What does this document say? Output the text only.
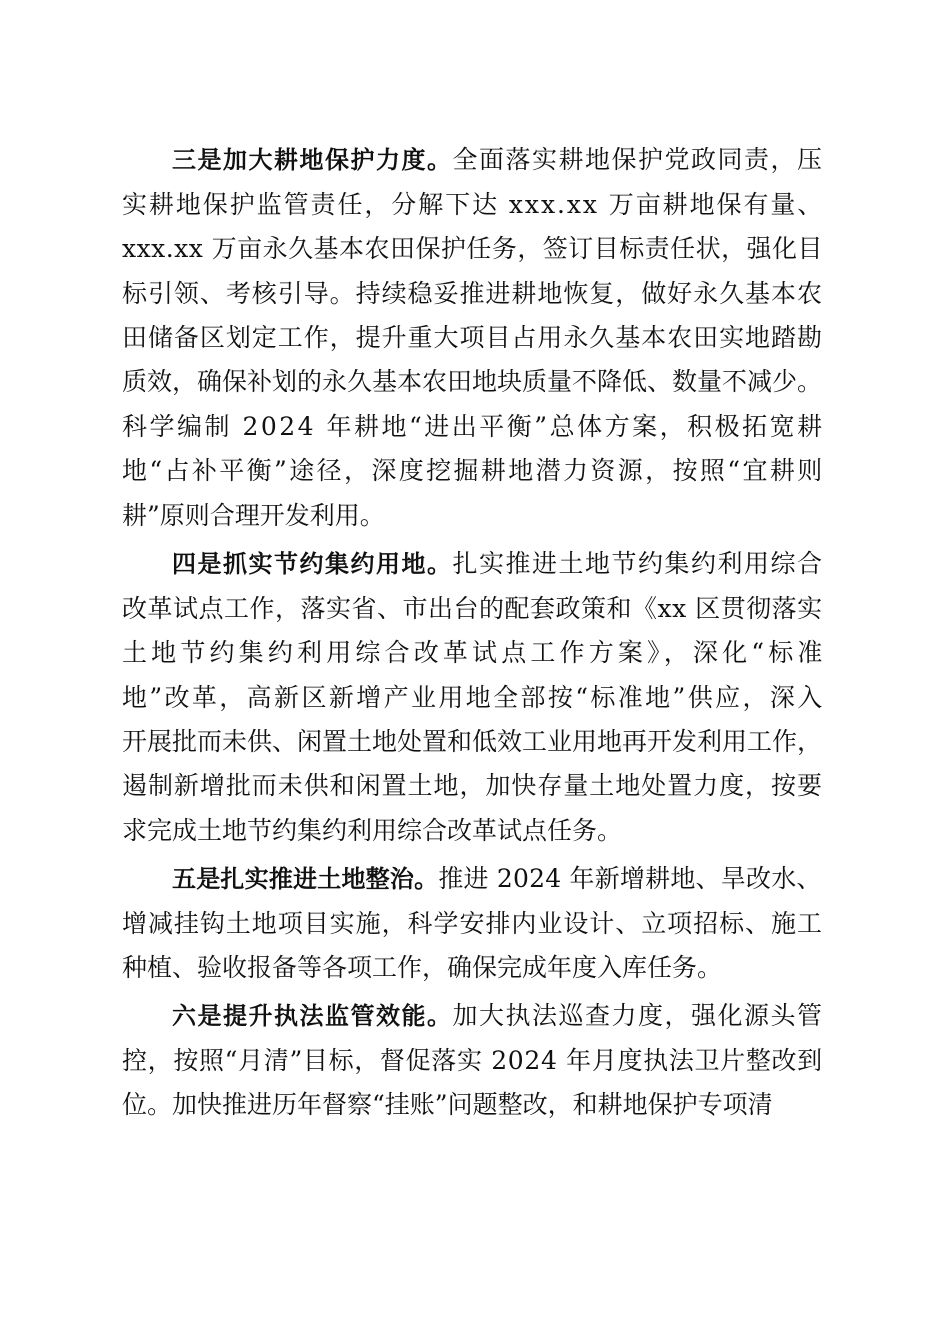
三是加大耕地保护力度。全面落实耕地保护党政同责，压
实耕地保护监管责任，分解下达 xxx.xx 万亩耕地保有量、
xxx.xx 万亩永久基本农田保护任务，签订目标责任状，强化目
标引领、考核引导。持续稳妥推进耕地恢复，做好永久基本农
田储备区划定工作，提升重大项目占用永久基本农田实地踏勘
质效，确保补划的永久基本农田地块质量不降低、数量不减少。
科学编制 2024 年耕地“进出平衡”总体方案，积极拓宽耕
地“占补平衡”途径，深度挖掘耕地潜力资源，按照“宜耕则
耕”原则合理开发利用。
四是抓实节约集约用地。扎实推进土地节约集约利用综合
改革试点工作，落实省、市出台的配套政策和《xx 区贯彻落实
土地节约集约利用综合改革试点工作方案》，深化“标准
地”改革，高新区新增产业用地全部按“标准地”供应，深入
开展批而未供、闲置土地处置和低效工业用地再开发利用工作，
遏制新增批而未供和闲置土地，加快存量土地处置力度，按要
求完成土地节约集约利用综合改革试点任务。
五是扎实推进土地整治。推进 2024 年新增耕地、旱改水、
增减挂钩土地项目实施，科学安排内业设计、立项招标、施工
种植、验收报备等各项工作，确保完成年度入库任务。
六是提升执法监管效能。加大执法巡查力度，强化源头管
控，按照“月清”目标，督促落实 2024 年月度执法卫片整改到
位。加快推进历年督察“挂账”问题整改，和耕地保护专项清
